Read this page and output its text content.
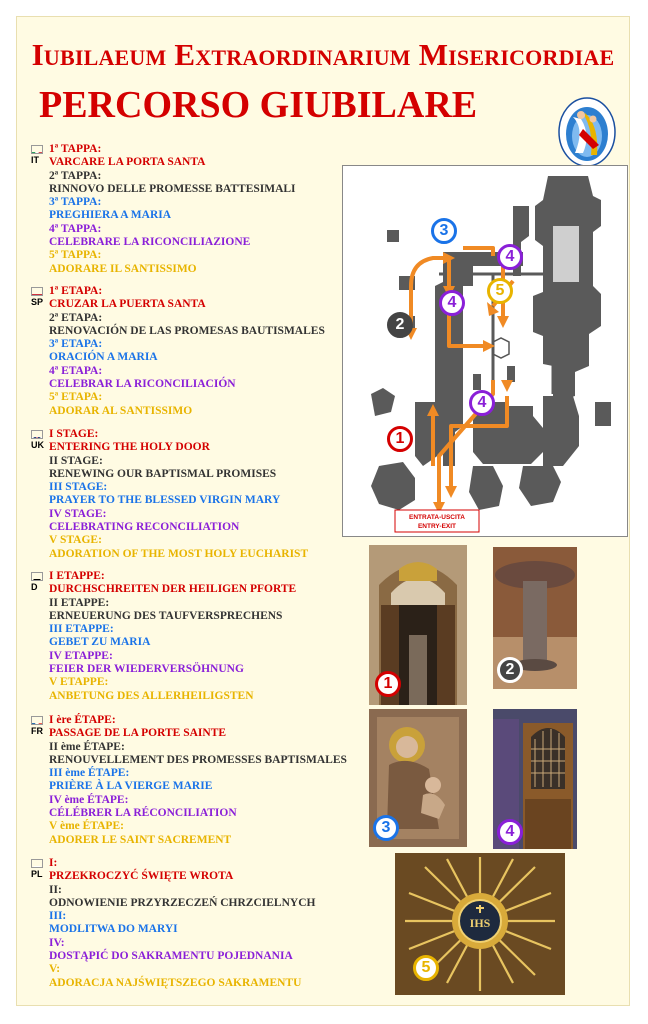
Iubilaeum Extraordinarium Misericordiae
PERCORSO GIUBILARE
ENTRATA-USCITA
ENTRY-EXIT
1
2
3
4
4
4
5
IT
1ª TAPPA:
VARCARE LA PORTA SANTA
2ª TAPPA:
RINNOVO DELLE PROMESSE BATTESIMALI
3ª TAPPA:
PREGHIERA A MARIA
4ª TAPPA:
CELEBRARE LA RICONCILIAZIONE
5ª TAPPA:
ADORARE IL SANTISSIMO
SP
1ª ETAPA:
CRUZAR LA PUERTA SANTA
2ª ETAPA:
RENOVACIÓN DE LAS PROMESAS BAUTISMALES
3ª ETAPA:
ORACIÓN A MARIA
4ª ETAPA:
CELEBRAR LA RICONCILIACIÓN
5ª ETAPA:
ADORAR AL SANTISSIMO
UK
I STAGE:
ENTERING THE HOLY DOOR
II STAGE:
RENEWING OUR BAPTISMAL PROMISES
III STAGE:
PRAYER TO THE BLESSED VIRGIN MARY
IV STAGE:
CELEBRATING RECONCILIATION
V STAGE:
ADORATION OF THE MOST HOLY EUCHARIST
D
I ETAPPE:
DURCHSCHREITEN DER HEILIGEN PFORTE
II ETAPPE:
ERNEUERUNG DES TAUFVERSPRECHENS
III ETAPPE:
GEBET ZU MARIA
IV ETAPPE:
FEIER DER WIEDERVERSÖHNUNG
V ETAPPE:
ANBETUNG DES ALLERHEILIGSTEN
FR
I ère ÉTAPE:
PASSAGE DE LA PORTE SAINTE
II ème ÉTAPE:
RENOUVELLEMENT DES PROMESSES BAPTISMALES
III ème ÉTAPE:
PRIÈRE À LA VIERGE MARIE
IV ème ÉTAPE:
CÉLÉBRER LA RÉCONCILIATION
V ème ÉTAPE:
ADORER LE SAINT SACREMENT
PL
I:
PRZEKROCZYĆ ŚWIĘTE WROTA
II:
ODNOWIENIE PRZYRZECZEŃ CHRZCIELNYCH
III:
MODLITWA DO MARYI
IV:
DOSTĄPIĆ DO SAKRAMENTU POJEDNANIA
V:
ADORACJA NAJŚWIĘTSZEGO SAKRAMENTU
1
2
3	4
IHS
5
